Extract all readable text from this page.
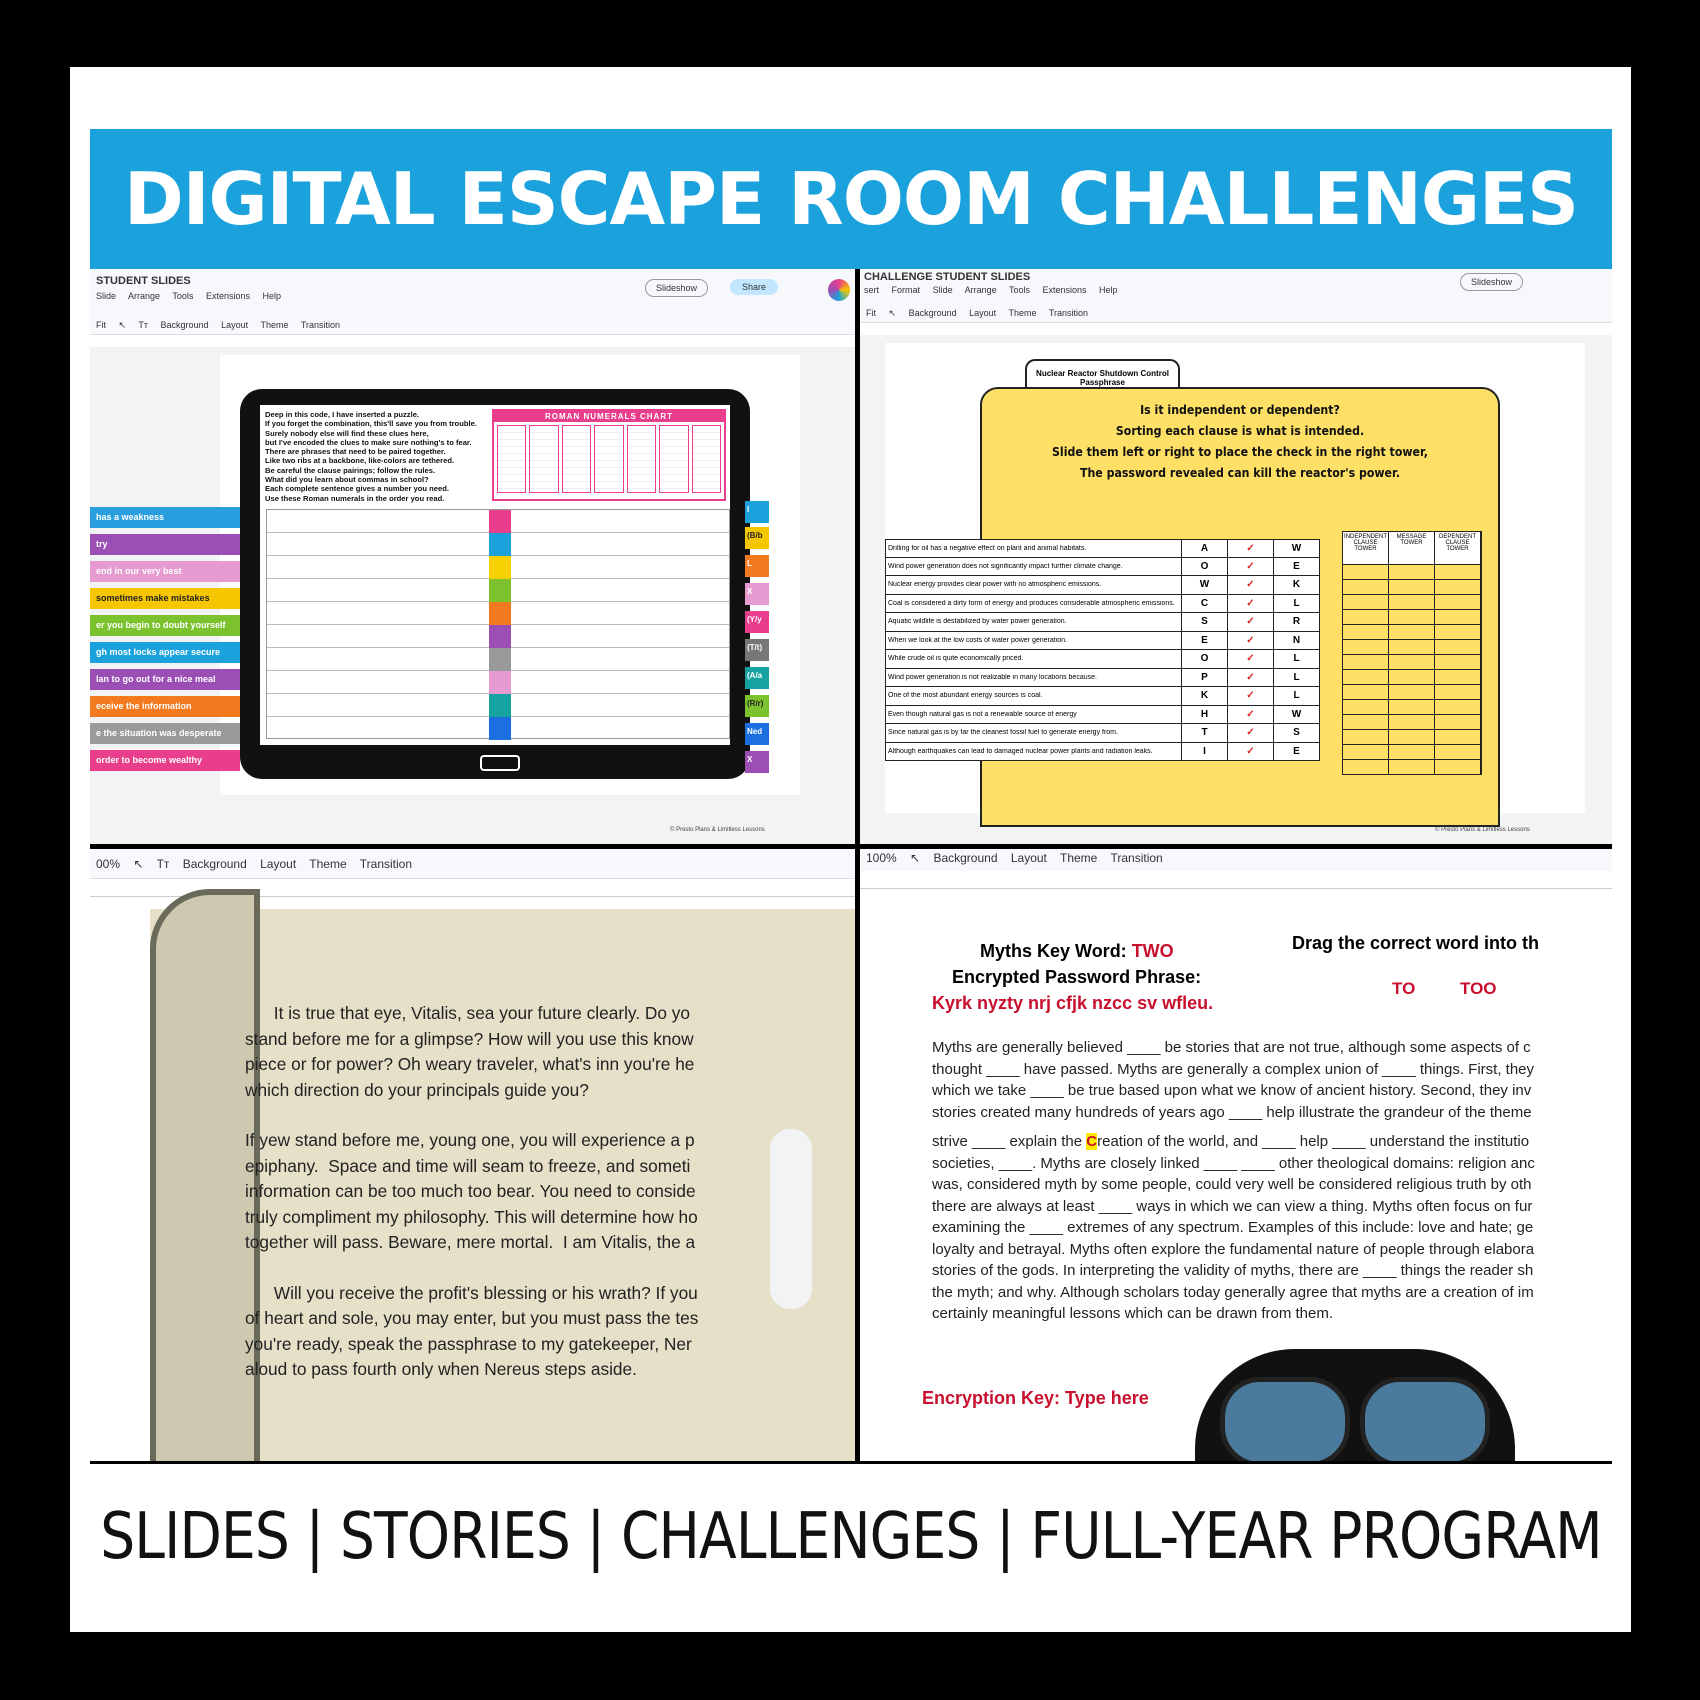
DIGITAL ESCAPE ROOM CHALLENGES
STUDENT SLIDES
Slide Arrange Tools Extensions Help
Slideshow	Share
Fit ↖ Tт Background Layout Theme Transition
Deep in this code, I have inserted a puzzle.
If you forget the combination, this'll save you from trouble.
Surely nobody else will find these clues here,
but I've encoded the clues to make sure nothing's to fear.
There are phrases that need to be paired together.
Like two ribs at a backbone, like-colors are tethered.
Be careful the clause pairings; follow the rules.
What did you learn about commas in school?
Each complete sentence gives a number you need.
Use these Roman numerals in the order you read.
ROMAN NUMERALS CHART
has a weakness
try
end in our very best
sometimes make mistakes
er you begin to doubt yourself
gh most locks appear secure
lan to go out for a nice meal
eceive the information
e the situation was desperate
order to become wealthy
I
(B/b
L
X
(Y/y
(T/t)
(A/a
(R/r)
Ned
X
© Presto Plans & Limitless Lessons
CHALLENGE STUDENT SLIDES
sert Format Slide Arrange Tools Extensions Help
Slideshow
Fit ↖ Background Layout Theme Transition
Nuclear Reactor Shutdown Control Passphrase
Is it independent or dependent?
Sorting each clause is what is intended.
Slide them left or right to place the check in the right tower,
The password revealed can kill the reactor's power.
Drilling for oil has a negative effect on plant and animal habitats.	A	✓	W
Wind power generation does not significantly impact further climate change.	O	✓	E
Nuclear energy provides clear power with no atmospheric emissions.	W	✓	K
Coal is considered a dirty form of energy and produces considerable atmospheric emissions.	C	✓	L
Aquatic wildlife is destabilized by water power generation.	S	✓	R
When we look at the low costs of water power generation.	E	✓	N
While crude oil is quite economically priced.	O	✓	L
Wind power generation is not realizable in many locations because.	P	✓	L
One of the most abundant energy sources is coal.	K	✓	L
Even though natural gas is not a renewable source of energy	H	✓	W
Since natural gas is by far the cleanest fossil fuel to generate energy from.	T	✓	S
Although earthquakes can lead to damaged nuclear power plants and radiation leaks.	I	✓	E
INDEPENDENT CLAUSE TOWER
MESSAGE TOWER
DEPENDENT CLAUSE TOWER
© Presto Plans & Limitless Lessons
00% ↖ Tт Background Layout Theme Transition

It is true that eye, Vitalis, sea your future clearly. Do yo
stand before me for a glimpse? How will you use this know
piece or for power? Oh weary traveler, what's inn you're he
which direction do your principals guide you?

If yew stand before me, young one, you will experience a p
epiphany.  Space and time will seam to freeze, and someti
information can be too much too bear. You need to conside
truly compliment my philosophy. This will determine how ho
together will pass. Beware, mere mortal.  I am Vitalis, the a

Will you receive the profit's blessing or his wrath? If you
of heart and sole, you may enter, but you must pass the tes
you're ready, speak the passphrase to my gatekeeper, Ner
aloud to pass fourth only when Nereus steps aside.

100% ↖ Background Layout Theme Transition
Myths Key Word: TWO
Encrypted Password Phrase:
Kyrk nyzty nrj cfjk nzcc sv wfleu.
Drag the correct word into th
TO	TOO
Myths are generally believed ____ be stories that are not true, although some aspects of c
thought ____ have passed. Myths are generally a complex union of ____ things. First, they
which we take ____ be true based upon what we know of ancient history. Second, they inv
stories created many hundreds of years ago ____ help illustrate the grandeur of the theme
strive ____ explain the Creation of the world, and ____ help ____ understand the institutio
societies, ____. Myths are closely linked ____ ____ other theological domains: religion anc
was, considered myth by some people, could very well be considered religious truth by oth
there are always at least ____ ways in which we can view a thing. Myths often focus on fur
examining the ____ extremes of any spectrum. Examples of this include: love and hate; ge
loyalty and betrayal. Myths often explore the fundamental nature of people through elabora
stories of the gods. In interpreting the validity of myths, there are ____ things the reader sh
the myth; and why. Although scholars today generally agree that myths are a creation of im
certainly meaningful lessons which can be drawn from them.
Encryption Key: Type here
SLIDES | STORIES | CHALLENGES | FULL-YEAR PROGRAM
